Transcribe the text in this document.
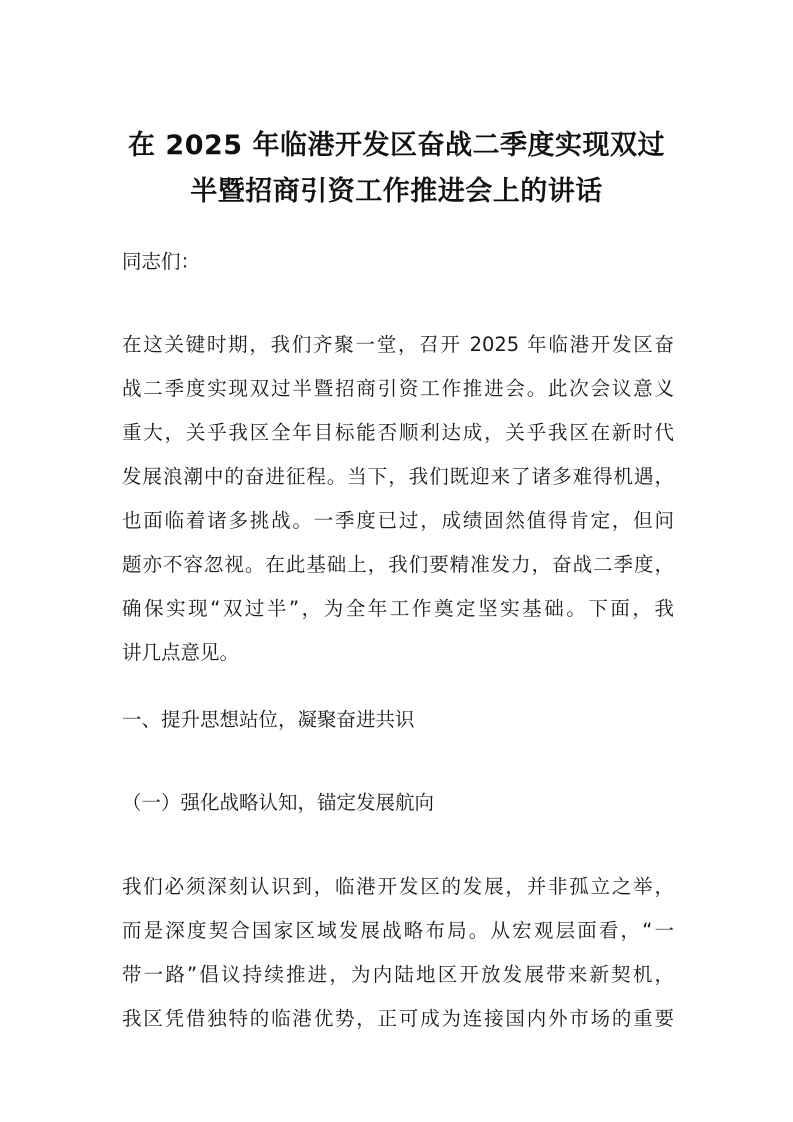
在 2025 年临港开发区奋战二季度实现双过
半暨招商引资工作推进会上的讲话
同志们：
在这关键时期，我们齐聚一堂，召开 2025 年临港开发区奋
战二季度实现双过半暨招商引资工作推进会。此次会议意义
重大，关乎我区全年目标能否顺利达成，关乎我区在新时代
发展浪潮中的奋进征程。当下，我们既迎来了诸多难得机遇，
也面临着诸多挑战。一季度已过，成绩固然值得肯定，但问
题亦不容忽视。在此基础上，我们要精准发力，奋战二季度，
确保实现“双过半”，为全年工作奠定坚实基础。下面，我
讲几点意见。
一、提升思想站位，凝聚奋进共识
（一）强化战略认知，锚定发展航向
我们必须深刻认识到，临港开发区的发展，并非孤立之举，
而是深度契合国家区域发展战略布局。从宏观层面看，“一
带一路”倡议持续推进，为内陆地区开放发展带来新契机，
我区凭借独特的临港优势，正可成为连接国内外市场的重要
